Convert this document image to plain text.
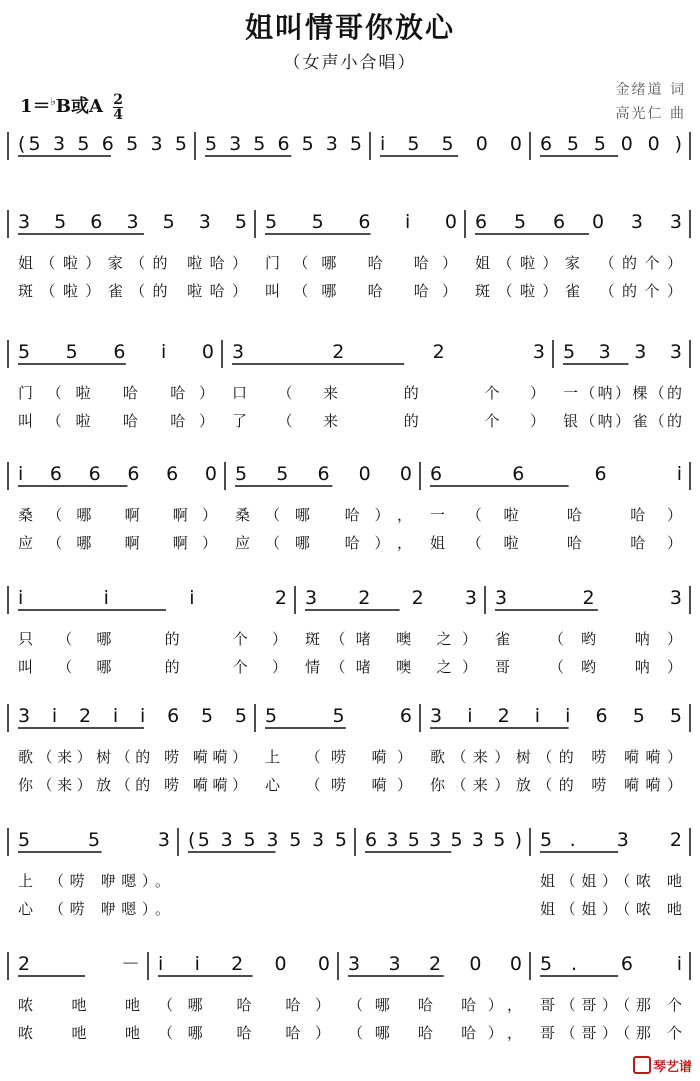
姐叫情哥你放心
（女声小合唱）
1＝♭B或A $\frac{2}{4}$
金绪道 词
高光仁 曲
(5 3 5 6 5 3 5 5 3 5 6 5 3 5 i 5 5 0 0 6 5 5 0 0 )
3 5 6 3 5 3 5
姐（啦）家（的 啦哈）
斑（啦）雀（的 啦哈）
5 5 6 i 0
门（哪 哈 哈）
叫（哪 哈 哈）
6 5 6 0 3 3
姐（啦）家 （的个）
斑（啦）雀 （的个）
5 5 6 i 0
门（啦 哈 哈）
叫（啦 哈 哈）
3 2 2 3
口（来 的 个）
了（来 的 个）
5 3 3 3
一（呐）棵（的
银（呐）雀（的
i 6 6 6 6 0
桑（哪 啊 啊）
应（哪 啊 啊）
5 5 6 0 0
桑（哪 哈），
应（哪 哈），
6 6 6 i
一（啦 哈 哈）
姐（啦 哈 哈）
i i i 2
只（哪 的 个）
叫（哪 的 个）
3 2 2 3
斑（啫 噢 之）
情（啫 噢 之）
3 2 3
雀 （哟 呐）
哥 （哟 呐）
3 i 2 i i 6 5 5
歌（来）树（的 唠 嗬嗬）
你（来）放（的 唠 嗬嗬）
5 5 6
上 （唠 嗬）
心 （唠 嗬）
3 i 2 i i 6 5 5
歌（来）树（的 唠 嗬嗬）
你（来）放（的 唠 嗬嗬）
5 5 3
上 （唠 咿嗯）。
心 （唠 咿嗯）。
(5 3 5 3 5 3 5 6 3 5 3 5 3 5 ) 5. 3 2
姐（姐）（哝 吔
姐（姐）（哝 吔
2 －
哝吔吔
哝吔吔
i i 2 0 0
（哪 哈 哈）
（哪 哈 哈）
3 3 2 0 0
（哪 哈 哈），
（哪 哈 哈），
5. 6 i
哥（哥）（那 个
哥（哥）（那 个
琴艺谱
